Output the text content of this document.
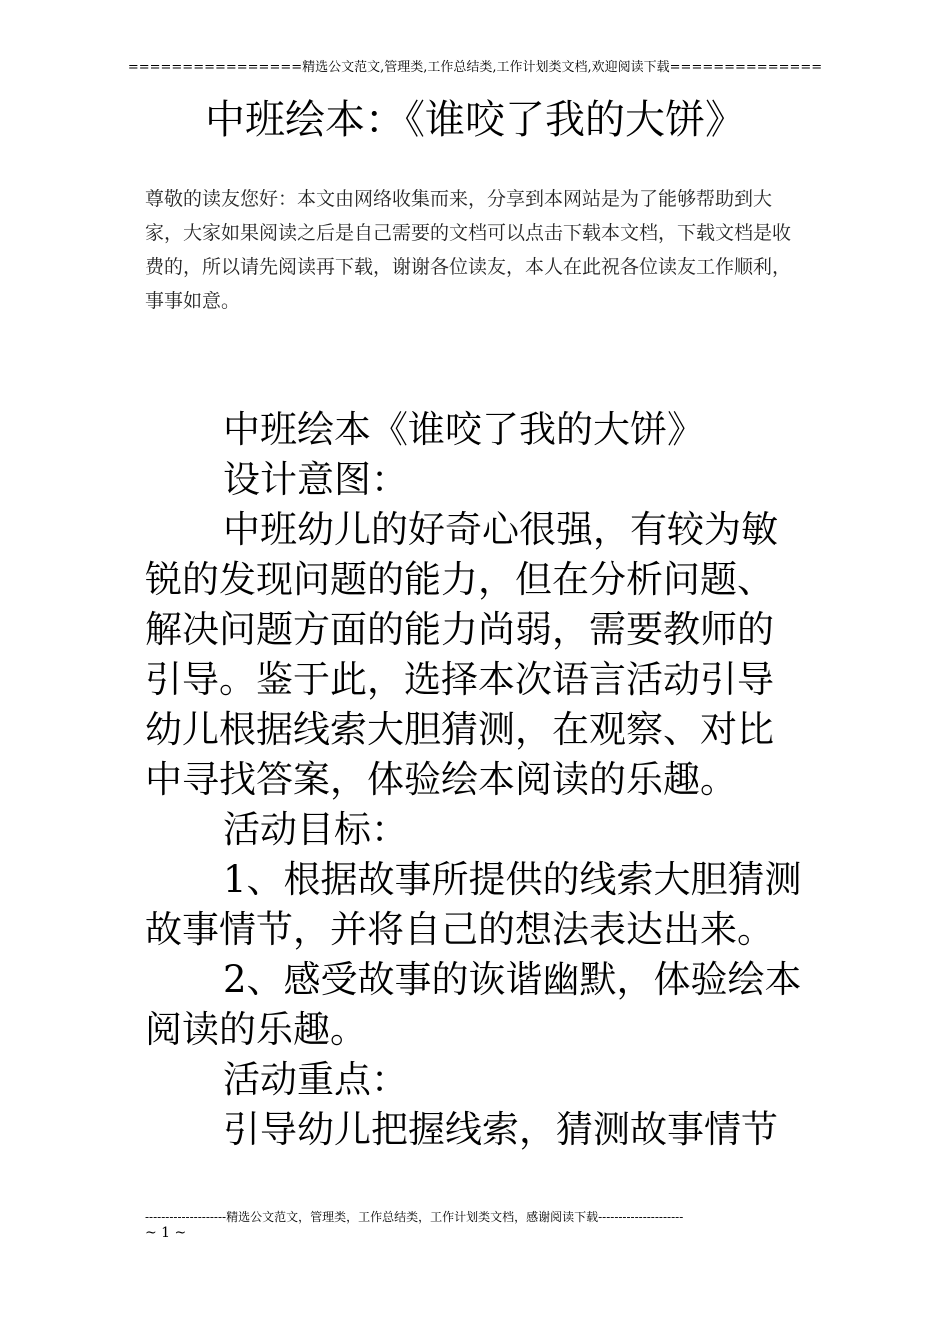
================精选公文范文,管理类,工作总结类,工作计划类文档,欢迎阅读下载==============
中班绘本：《谁咬了我的大饼》
尊敬的读友您好：本文由网络收集而来，分享到本网站是为了能够帮助到大家，大家如果阅读之后是自己需要的文档可以点击下载本文档，下载文档是收费的，所以请先阅读再下载，谢谢各位读友，本人在此祝各位读友工作顺利，事事如意。

中班绘本《谁咬了我的大饼》

设计意图：

中班幼儿的好奇心很强，有较为敏锐的发现问题的能力，但在分析问题、解决问题方面的能力尚弱，需要教师的引导。鉴于此，选择本次语言活动引导幼儿根据线索大胆猜测，在观察、对比中寻找答案，体验绘本阅读的乐趣。

活动目标：

1、根据故事所提供的线索大胆猜测故事情节，并将自己的想法表达出来。

2、感受故事的诙谐幽默，体验绘本阅读的乐趣。

活动重点：

引导幼儿把握线索，猜测故事情节

--------------------精选公文范文，管理类，工作总结类，工作计划类文档，感谢阅读下载---------------------
~ 1 ~
